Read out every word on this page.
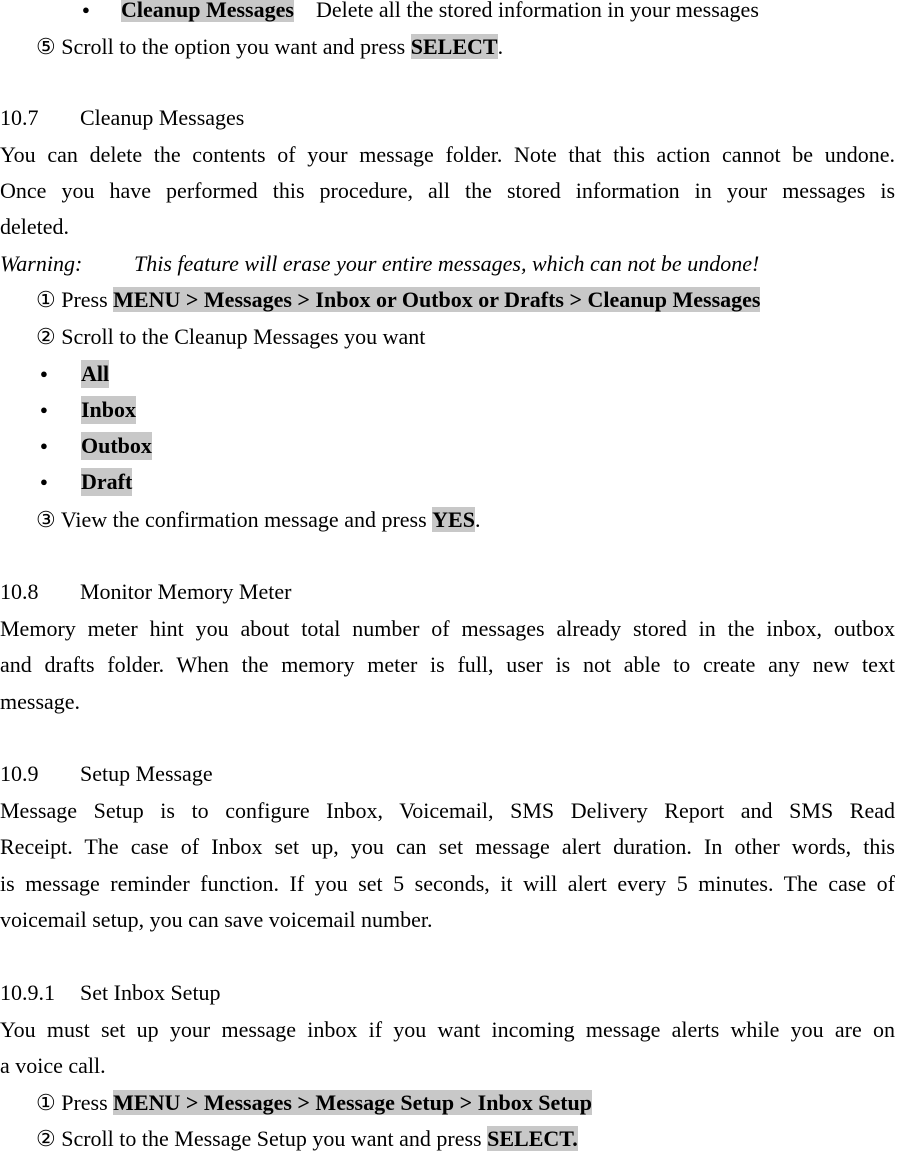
● Cleanup Messages Delete all the stored information in your messages
⑤ Scroll to the option you want and press SELECT.
10.7 Cleanup Messages
You can delete the contents of your message folder. Note that this action cannot be undone.
Once you have performed this procedure, all the stored information in your messages is
deleted.
Warning: This feature will erase your entire messages, which can not be undone!
① Press MENU > Messages > Inbox or Outbox or Drafts > Cleanup Messages
② Scroll to the Cleanup Messages you want
● All
● Inbox
● Outbox
● Draft
③ View the confirmation message and press YES.
10.8 Monitor Memory Meter
Memory meter hint you about total number of messages already stored in the inbox, outbox
and drafts folder. When the memory meter is full, user is not able to create any new text
message.
10.9 Setup Message
Message Setup is to configure Inbox, Voicemail, SMS Delivery Report and SMS Read
Receipt. The case of Inbox set up, you can set message alert duration. In other words, this
is message reminder function. If you set 5 seconds, it will alert every 5 minutes. The case of
voicemail setup, you can save voicemail number.
10.9.1 Set Inbox Setup
You must set up your message inbox if you want incoming message alerts while you are on
a voice call.
① Press MENU > Messages > Message Setup > Inbox Setup
② Scroll to the Message Setup you want and press SELECT.
